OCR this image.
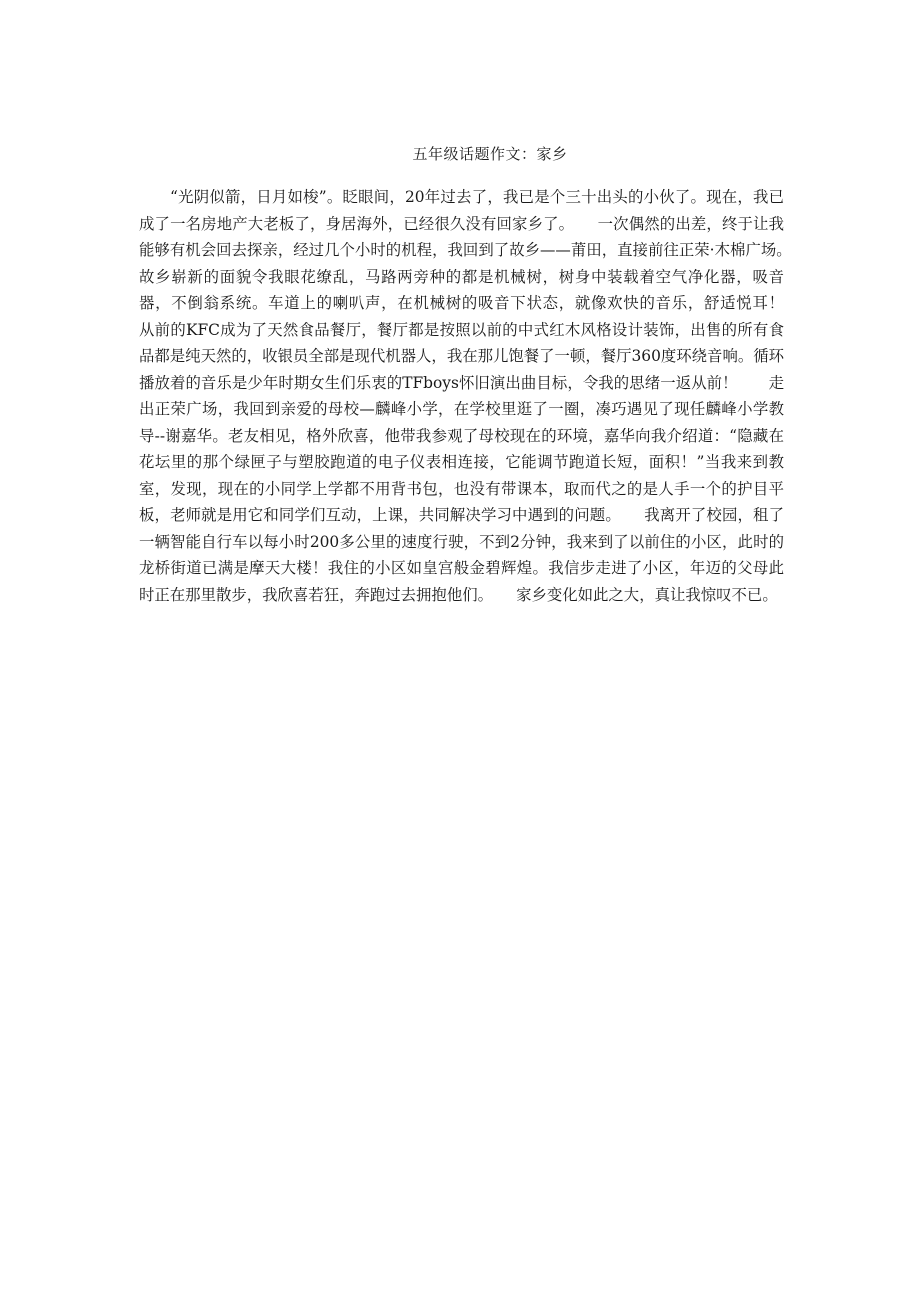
五年级话题作文：家乡

“光阴似箭，日月如梭”。眨眼间，20年过去了，我已是个三十出头的小伙了。现在，我已成了一名房地产大老板了，身居海外，已经很久没有回家乡了。　　一次偶然的出差，终于让我能够有机会回去探亲，经过几个小时的机程，我回到了故乡——莆田，直接前往正荣·木棉广场。　　故乡崭新的面貌令我眼花缭乱，马路两旁种的都是机械树，树身中装载着空气净化器，吸音器，不倒翁系统。车道上的喇叭声，在机械树的吸音下状态，就像欢快的音乐，舒适悦耳！　　从前的KFC成为了天然食品餐厅，餐厅都是按照以前的中式红木风格设计装饰，出售的所有食品都是纯天然的，收银员全部是现代机器人，我在那儿饱餐了一顿，餐厅360度环绕音响。循环播放着的音乐是少年时期女生们乐衷的TFboys怀旧演出曲目标，令我的思绪一返从前！　　走出正荣广场，我回到亲爱的母校—麟峰小学，在学校里逛了一圈，凑巧遇见了现任麟峰小学教导--谢嘉华。老友相见，格外欣喜，他带我参观了母校现在的环境，嘉华向我介绍道：“隐藏在花坛里的那个绿匣子与塑胶跑道的电子仪表相连接，它能调节跑道长短，面积！”当我来到教室，发现，现在的小同学上学都不用背书包，也没有带课本，取而代之的是人手一个的护目平板，老师就是用它和同学们互动，上课，共同解决学习中遇到的问题。　　我离开了校园，租了一辆智能自行车以每小时200多公里的速度行驶，不到2分钟，我来到了以前住的小区，此时的龙桥街道已满是摩天大楼！我住的小区如皇宫般金碧辉煌。我信步走进了小区，年迈的父母此时正在那里散步，我欣喜若狂，奔跑过去拥抱他们。　　家乡变化如此之大，真让我惊叹不已。
